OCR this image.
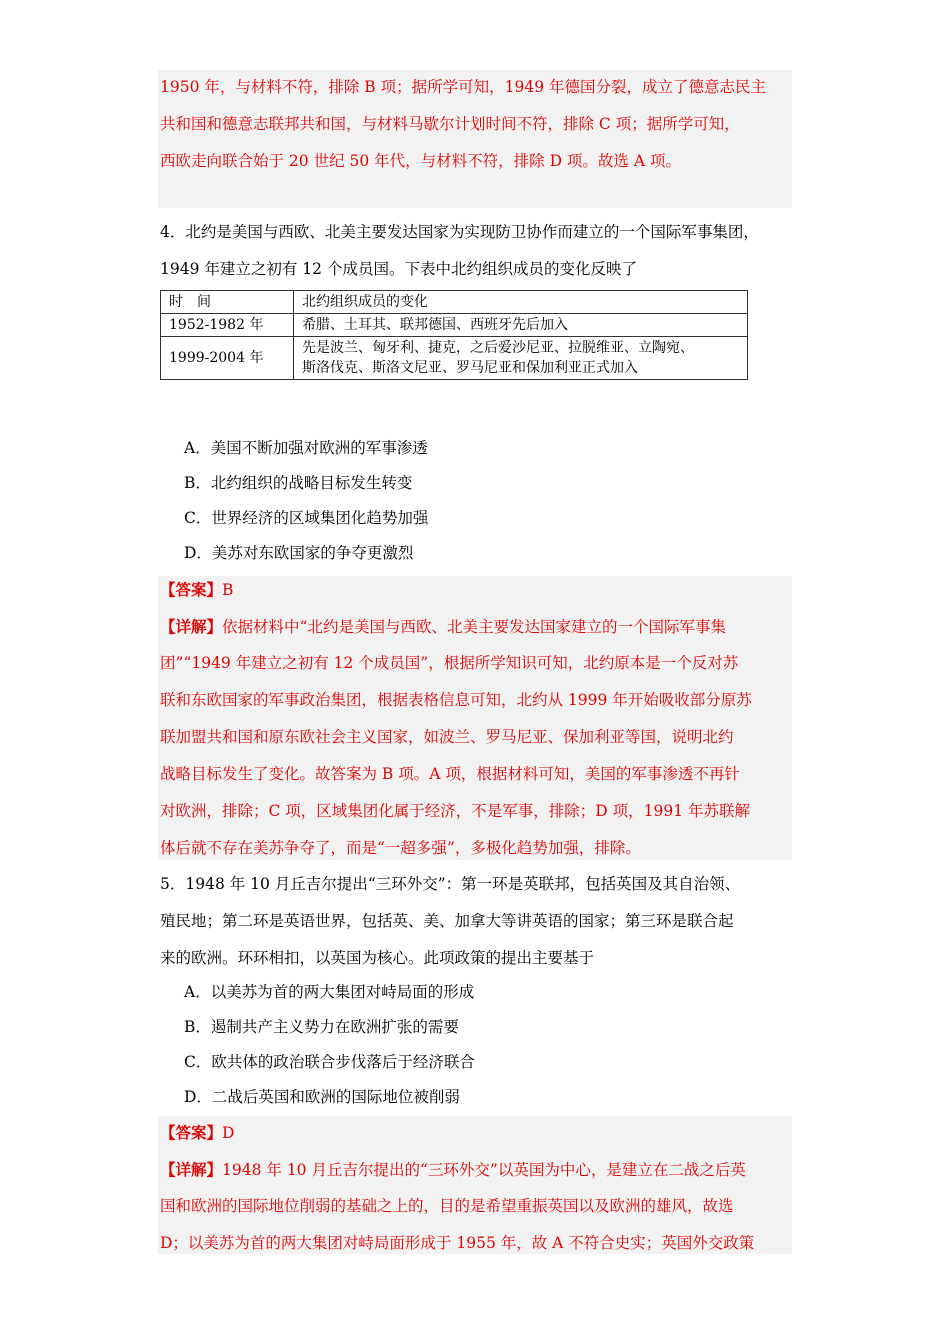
1950 年，与材料不符，排除 B 项；据所学可知，1949 年德国分裂，成立了德意志民主
共和国和德意志联邦共和国，与材料马歇尔计划时间不符，排除 C 项；据所学可知，
西欧走向联合始于 20 世纪 50 年代，与材料不符，排除 D 项。故选 A 项。
4．北约是美国与西欧、北美主要发达国家为实现防卫协作而建立的一个国际军事集团，
1949 年建立之初有 12 个成员国。下表中北约组织成员的变化反映了
时　间	北约组织成员的变化
1952-1982 年	希腊、土耳其、联邦德国、西班牙先后加入
1999-2004 年	先是波兰、匈牙利、捷克，之后爱沙尼亚、拉脱维亚、立陶宛、
斯洛伐克、斯洛文尼亚、罗马尼亚和保加利亚正式加入
A．美国不断加强对欧洲的军事渗透
B．北约组织的战略目标发生转变
C．世界经济的区域集团化趋势加强
D．美苏对东欧国家的争夺更激烈
【答案】B
【详解】依据材料中“北约是美国与西欧、北美主要发达国家建立的一个国际军事集
团”“1949 年建立之初有 12 个成员国”，根据所学知识可知，北约原本是一个反对苏
联和东欧国家的军事政治集团，根据表格信息可知，北约从 1999 年开始吸收部分原苏
联加盟共和国和原东欧社会主义国家，如波兰、罗马尼亚、保加利亚等国，说明北约
战略目标发生了变化。故答案为 B 项。A 项，根据材料可知，美国的军事渗透不再针
对欧洲，排除；C 项，区域集团化属于经济，不是军事，排除；D 项，1991 年苏联解
体后就不存在美苏争夺了，而是“一超多强”，多极化趋势加强，排除。
5．1948 年 10 月丘吉尔提出“三环外交”：第一环是英联邦，包括英国及其自治领、
殖民地；第二环是英语世界，包括英、美、加拿大等讲英语的国家；第三环是联合起
来的欧洲。环环相扣，以英国为核心。此项政策的提出主要基于
A．以美苏为首的两大集团对峙局面的形成
B．遏制共产主义势力在欧洲扩张的需要
C．欧共体的政治联合步伐落后于经济联合
D．二战后英国和欧洲的国际地位被削弱
【答案】D
【详解】1948 年 10 月丘吉尔提出的“三环外交”以英国为中心，是建立在二战之后英
国和欧洲的国际地位削弱的基础之上的，目的是希望重振英国以及欧洲的雄风，故选
D；以美苏为首的两大集团对峙局面形成于 1955 年，故 A 不符合史实；英国外交政策
